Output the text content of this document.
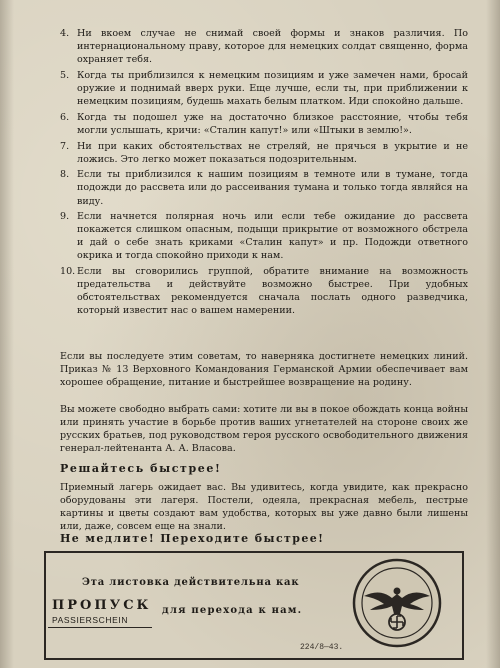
4. Ни вкоем случае не снимай своей формы и знаков различия. По интернациональному праву, которое для немецких солдат священно, форма охраняет тебя.
5. Когда ты приблизился к немецким позициям и уже замечен нами, бросай оружие и поднимай вверх руки. Еще лучше, если ты, при приближении к немецким позициям, будешь махать белым платком. Иди спокойно дальше.
6. Когда ты подошел уже на достаточно близкое расстояние, чтобы тебя могли услышать, кричи: «Сталин капут!» или «Штыки в землю!».
7. Ни при каких обстоятельствах не стреляй, не прячься в укрытие и не ложись. Это легко может показаться подозрительным.
8. Если ты приблизился к нашим позициям в темноте или в тумане, тогда подожди до рассвета или до рассеивания тумана и только тогда являйся на виду.
9. Если начнется полярная ночь или если тебе ожидание до рассвета покажется слишком опасным, подыщи прикрытие от возможного обстрела и дай о себе знать криками «Сталин капут» и пр. Подожди ответного окрика и тогда спокойно приходи к нам.
10. Если вы сговорились группой, обратите внимание на возможность предательства и действуйте возможно быстрее. При удобных обстоятельствах рекомендуется сначала послать одного разведчика, который известит нас о вашем намерении.
Если вы последуете этим советам, то наверняка достигнете немецких линий. Приказ № 13 Верховного Командования Германской Армии обеспечивает вам хорошее обращение, питание и быстрейшее возвращение на родину.
Вы можете свободно выбрать сами: хотите ли вы в покое обождать конца войны или принять участие в борьбе против ваших угнетателей на стороне своих же русских братьев, под руководством героя русского освободительного движения генерал-лейтенанта А. А. Власова.
Решайтесь быстрее!
Приемный лагерь ожидает вас. Вы удивитесь, когда увидите, как прекрасно оборудованы эти лагеря. Постели, одеяла, прекрасная мебель, пестрые картины и цветы создают вам удобства, которых вы уже давно были лишены или, даже, совсем еще на знали.
Не медлите! Переходите быстрее!
Эта листовка действительна как
ПРОПУСК
PASSIERSCHEIN
для перехода к нам.
224/8—43.
